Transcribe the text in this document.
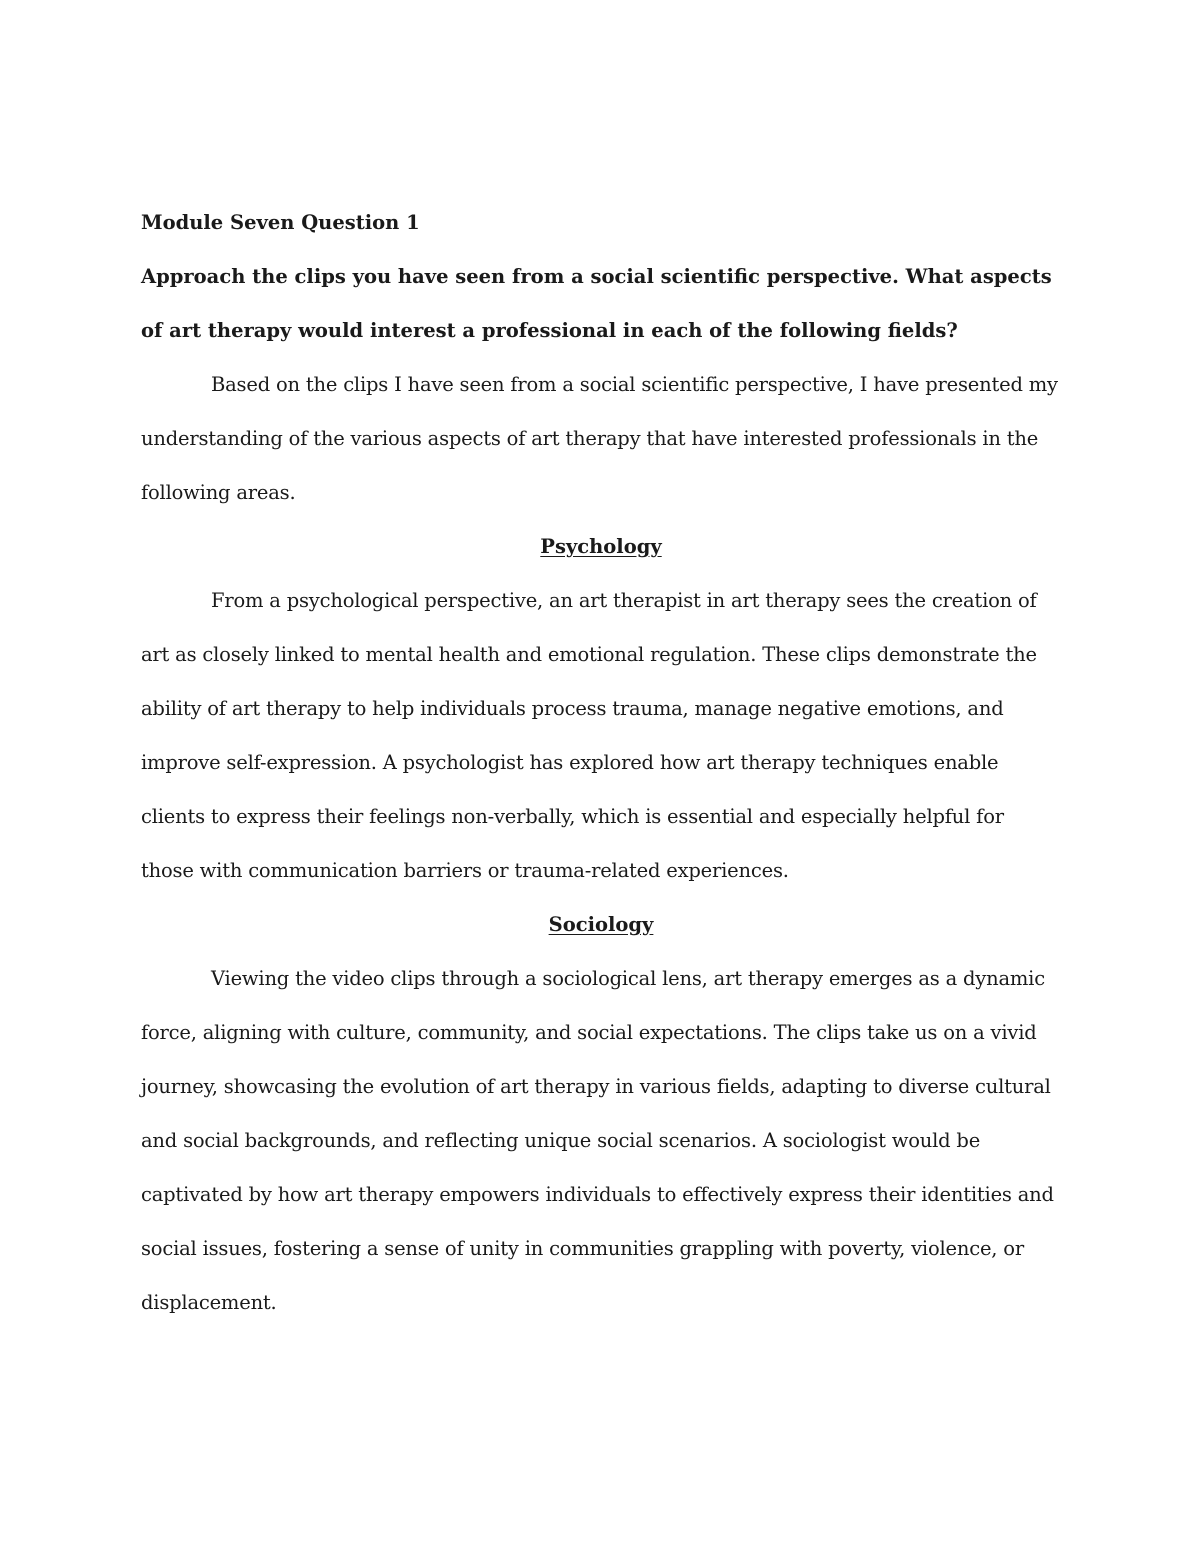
Module Seven Question 1

Approach the clips you have seen from a social scientific perspective. What aspects of art therapy would interest a professional in each of the following fields?

Based on the clips I have seen from a social scientific perspective, I have presented my understanding of the various aspects of art therapy that have interested professionals in the following areas.

Psychology

From a psychological perspective, an art therapist in art therapy sees the creation of art as closely linked to mental health and emotional regulation. These clips demonstrate the ability of art therapy to help individuals process trauma, manage negative emotions, and improve self-expression. A psychologist has explored how art therapy techniques enable clients to express their feelings non-verbally, which is essential and especially helpful for those with communication barriers or trauma-related experiences.

Sociology

Viewing the video clips through a sociological lens, art therapy emerges as a dynamic force, aligning with culture, community, and social expectations. The clips take us on a vivid journey, showcasing the evolution of art therapy in various fields, adapting to diverse cultural and social backgrounds, and reflecting unique social scenarios. A sociologist would be captivated by how art therapy empowers individuals to effectively express their identities and social issues, fostering a sense of unity in communities grappling with poverty, violence, or displacement.
